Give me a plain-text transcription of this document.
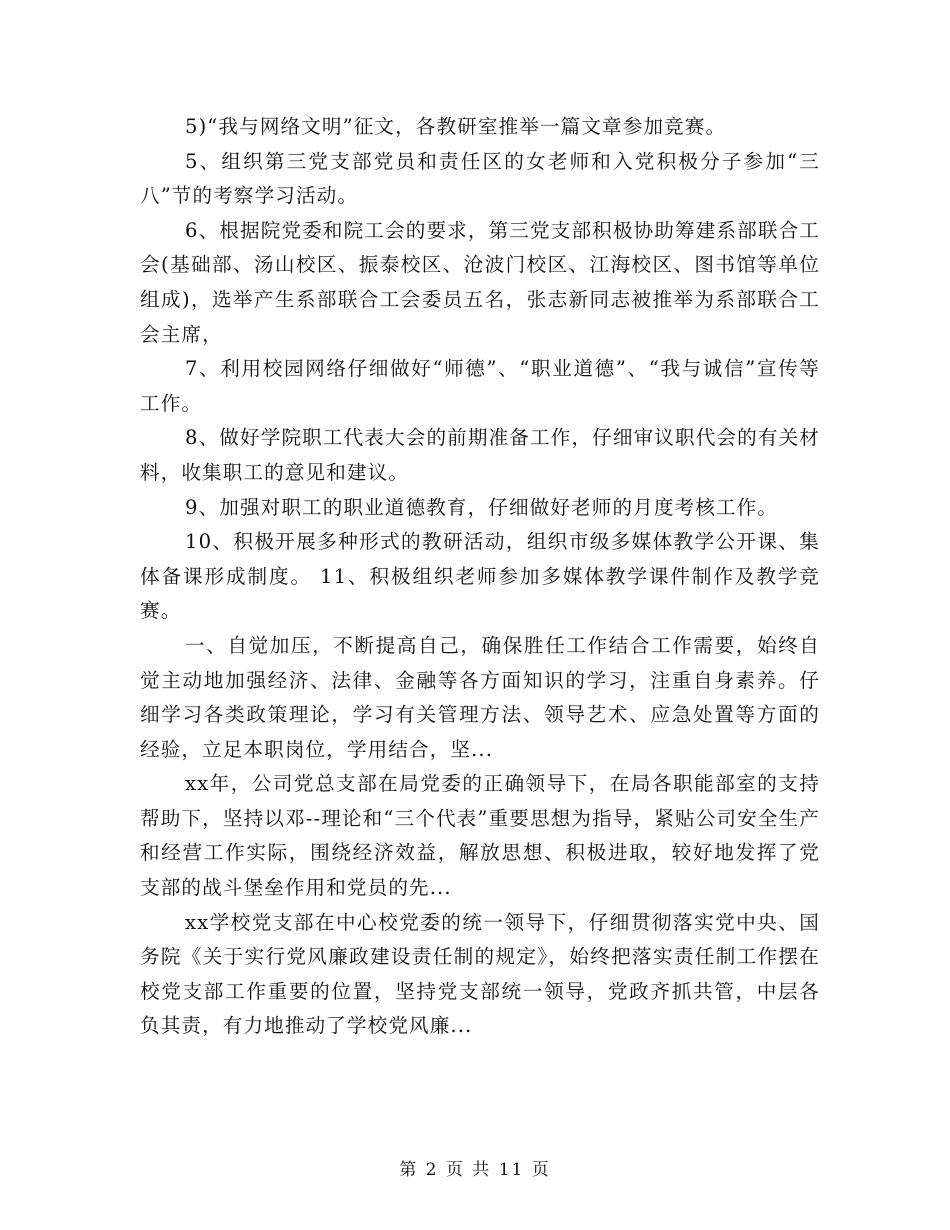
5)“我与网络文明”征文，各教研室推举一篇文章参加竞赛。

5、组织第三党支部党员和责任区的女老师和入党积极分子参加“三八”节的考察学习活动。

6、根据院党委和院工会的要求，第三党支部积极协助筹建系部联合工会(基础部、汤山校区、振泰校区、沧波门校区、江海校区、图书馆等单位组成)，选举产生系部联合工会委员五名，张志新同志被推举为系部联合工会主席，

7、利用校园网络仔细做好“师德”、“职业道德”、“我与诚信”宣传等工作。

8、做好学院职工代表大会的前期准备工作，仔细审议职代会的有关材料，收集职工的意见和建议。

9、加强对职工的职业道德教育，仔细做好老师的月度考核工作。

10、积极开展多种形式的教研活动，组织市级多媒体教学公开课、集体备课形成制度。 11、积极组织老师参加多媒体教学课件制作及教学竞赛。

一、自觉加压，不断提高自己，确保胜任工作结合工作需要，始终自觉主动地加强经济、法律、金融等各方面知识的学习，注重自身素养。仔细学习各类政策理论，学习有关管理方法、领导艺术、应急处置等方面的经验，立足本职岗位，学用结合，坚...

xx年，公司党总支部在局党委的正确领导下，在局各职能部室的支持帮助下，坚持以邓--理论和“三个代表”重要思想为指导，紧贴公司安全生产和经营工作实际，围绕经济效益，解放思想、积极进取，较好地发挥了党支部的战斗堡垒作用和党员的先...

xx学校党支部在中心校党委的统一领导下，仔细贯彻落实党中央、国务院《关于实行党风廉政建设责任制的规定》，始终把落实责任制工作摆在校党支部工作重要的位置，坚持党支部统一领导，党政齐抓共管，中层各负其责，有力地推动了学校党风廉...

第 2 页 共 11 页
